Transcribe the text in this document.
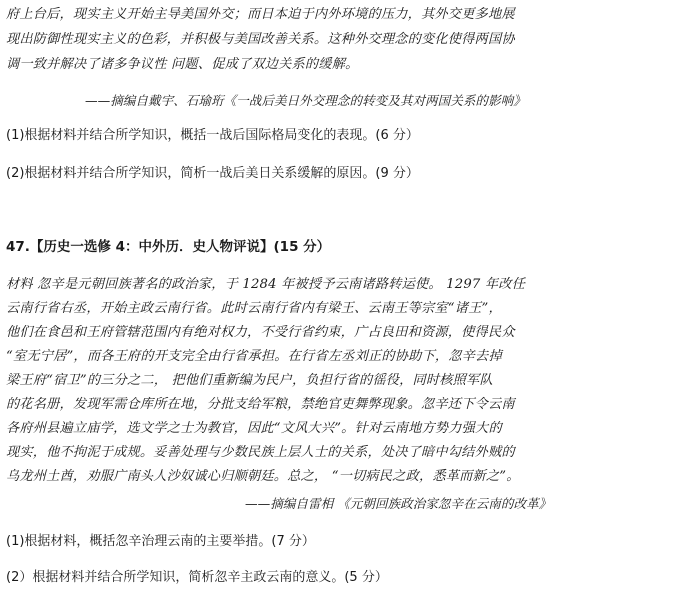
府上台后，现实主义开始主导美国外交；而日本迫于内外环境的压力，其外交更多地展
现出防御性现实主义的色彩，并积极与美国改善关系。这种外交理念的变化使得两国协
调一致并解决了诸多争议性 问题、促成了双边关系的缓解。
——摘编自戴宇、石瑜珩《一战后美日外交理念的转变及其对两国关系的影响》
(1)根据材料并结合所学知识，概括一战后国际格局变化的表现。(6 分）
(2)根据材料并结合所学知识，简析一战后美日关系缓解的原因。(9 分）
47.【历史一选修 4：中外历．史人物评说】(15 分）
材料 忽辛是元朝回族著名的政治家，于 1284 年被授予云南诸路转运使。 1297 年改任
云南行省右丞，开始主政云南行省。此时云南行省内有梁王、云南王等宗室“诸王”，
他们在食邑和王府管辖范围内有绝对权力，不受行省约束，广占良田和资源，使得民众
“室无宁居”，而各王府的开支完全由行省承担。在行省左丞刘正的协助下，忽辛去掉
梁王府“宿卫”的三分之二， 把他们重新编为民户，负担行省的徭役，同时核照军队
的花名册，发现军需仓库所在地，分批支给军粮，禁绝官吏舞弊现象。忽辛还下令云南
各府州县遍立庙学，选文学之士为教官，因此“文风大兴”。针对云南地方势力强大的
现实，他不拘泥于成规。妥善处理与少数民族上层人士的关系，处决了暗中勾结外贼的
乌龙州土酋，劝服广南头人沙奴诚心归顺朝廷。总之， “一切病民之政，悉革而新之”。
——摘编自雷相 《元朝回族政治家忽辛在云南的改革》
(1)根据材料，概括忽辛治理云南的主要举措。(7 分）
(2）根据材料并结合所学知识，简析忽辛主政云南的意义。(5 分）
